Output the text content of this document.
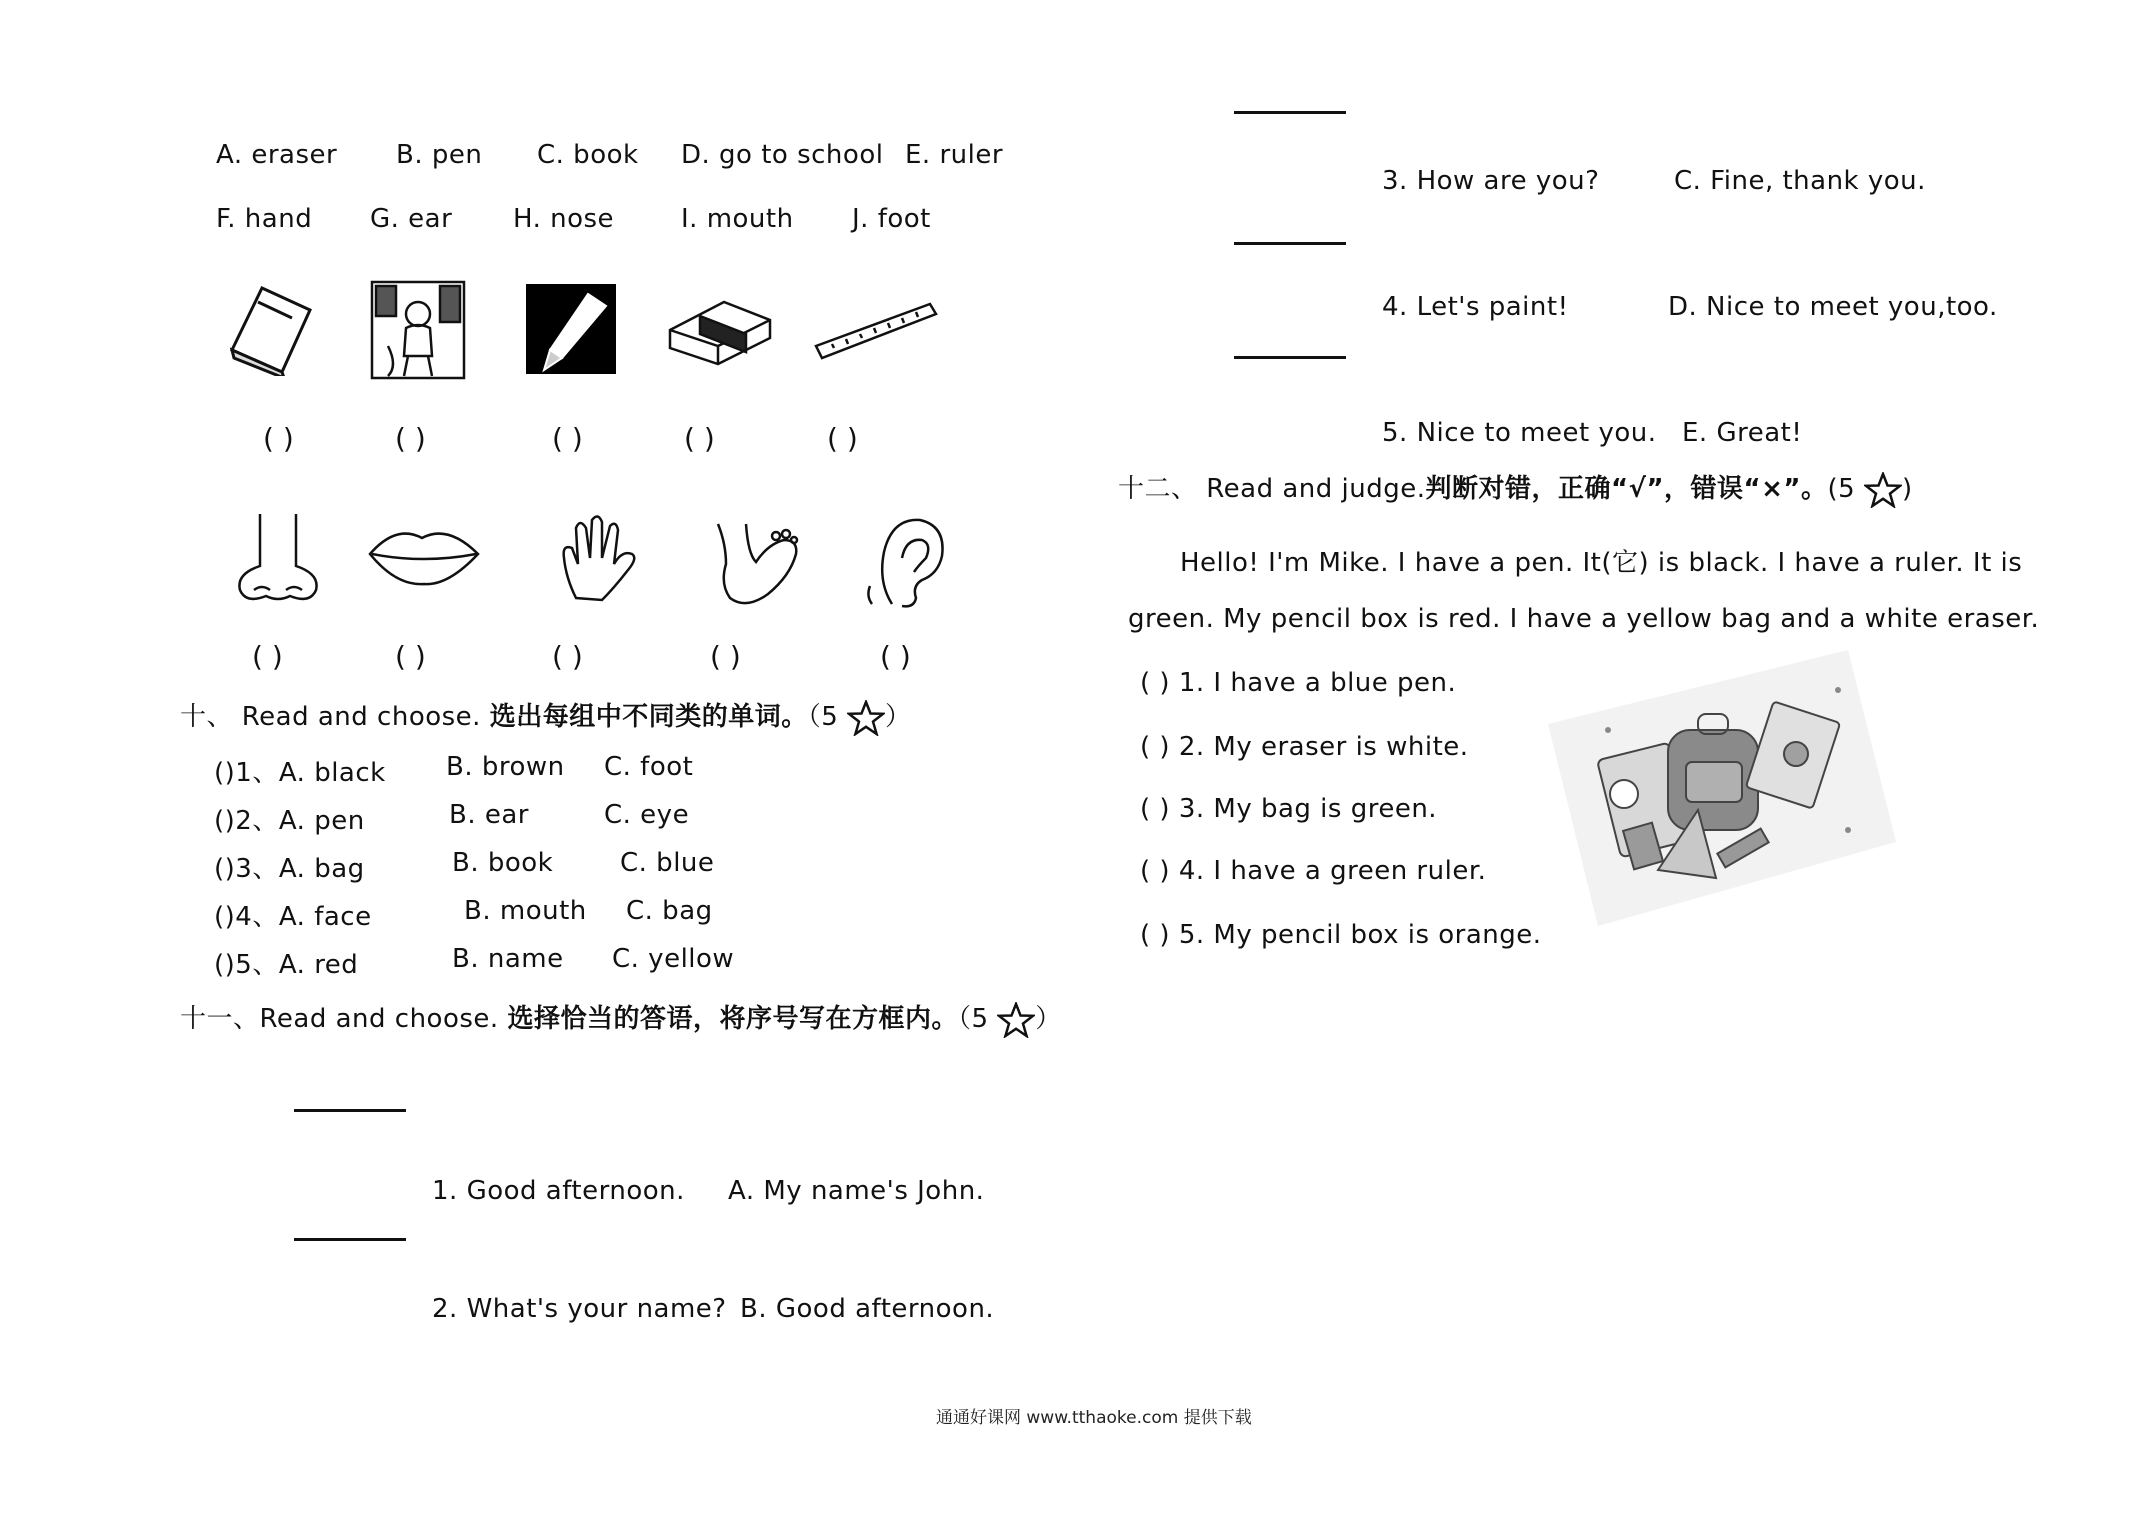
A. eraser B. pen C. book D. go to school E. ruler
F. hand G. ear H. nose	I. mouth J. foot
( )	( )	( )	( )	( )
( )	( )	( )	( )	( )
十、 Read and choose. 选出每组中不同类的单词。（5 ）
()1、A. black B. brown C. foot
()2、A. pen	B. ear	C. eye
()3、A. bag	B. book	C. blue
()4、A. face	B. mouth C. bag
()5、A. red	B. name C. yellow
十一、Read and choose. 选择恰当的答语，将序号写在方框内。（5 ）
1. Good afternoon. A. My name's John.
2. What's your name? B. Good afternoon.
3. How are you?	C. Fine, thank you.
4. Let's paint!	D. Nice to meet you,too.
5. Nice to meet you. E. Great!
十二、 Read and judge.判断对错，正确“√”，错误“×”。(5 )
Hello! I'm Mike. I have a pen. It(它) is black. I have a ruler. It is
green. My pencil box is red. I have a yellow bag and a white eraser.
( ) 1. I have a blue pen.
( ) 2. My eraser is white.
( ) 3. My bag is green.
( ) 4. I have a green ruler.
( ) 5. My pencil box is orange.
通通好课网 www.tthaoke.com 提供下载
